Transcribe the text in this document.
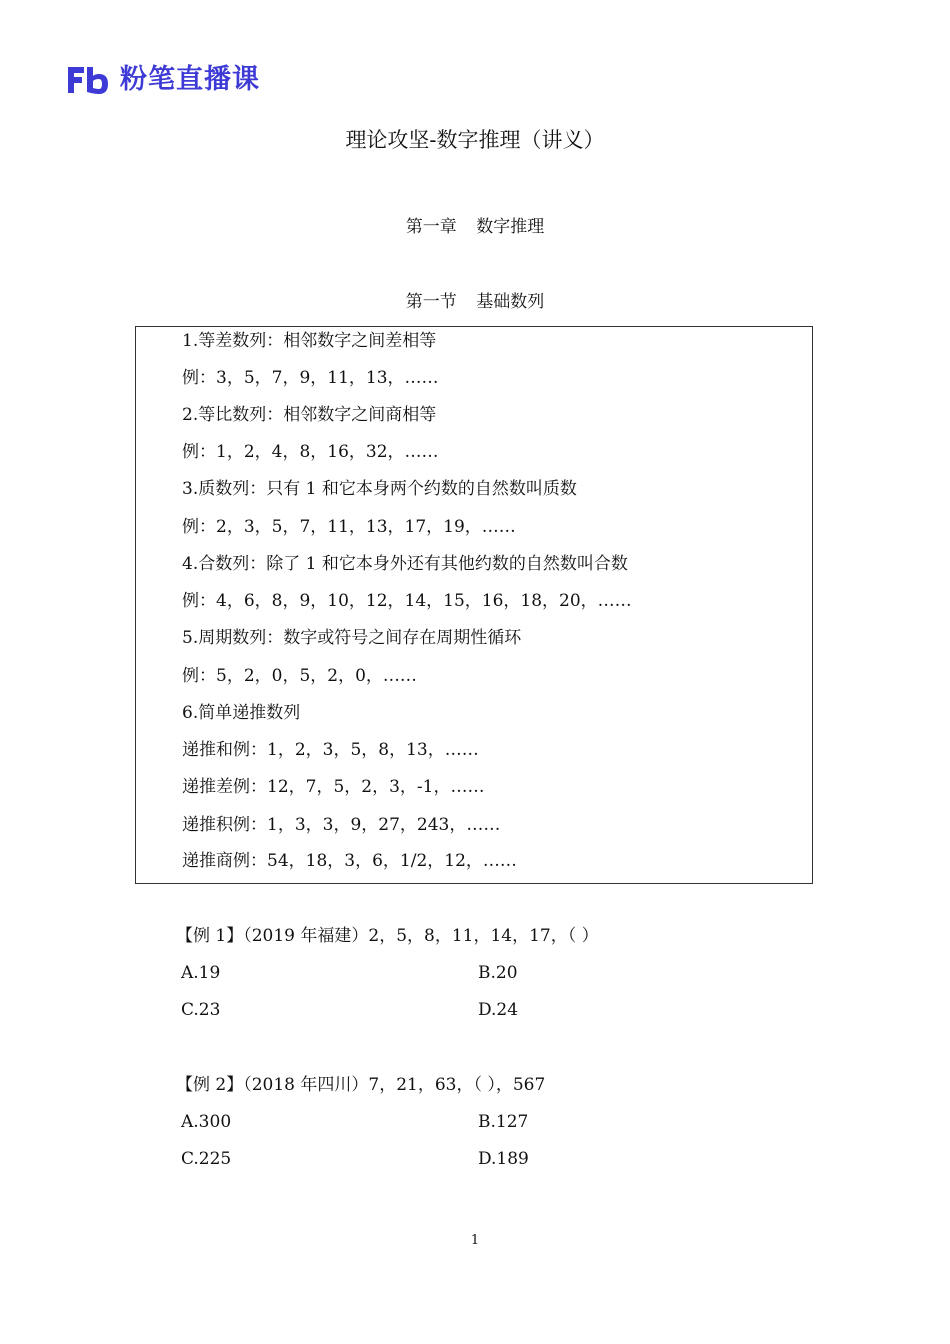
粉笔直播课
理论攻坚-数字推理（讲义）
第一章 数字推理
第一节 基础数列
1.等差数列：相邻数字之间差相等
例：3，5，7，9，11，13，……
2.等比数列：相邻数字之间商相等
例：1，2，4，8，16，32，……
3.质数列：只有 1 和它本身两个约数的自然数叫质数
例：2，3，5，7，11，13，17，19，……
4.合数列：除了 1 和它本身外还有其他约数的自然数叫合数
例：4，6，8，9，10，12，14，15，16，18，20，……
5.周期数列：数字或符号之间存在周期性循环
例：5，2，0，5，2，0，……
6.简单递推数列
递推和例：1，2，3，5，8，13，……
递推差例：12，7，5，2，3，-1，……
递推积例：1，3，3，9，27，243，……
递推商例：54，18，3，6，1/2，12，……
【例 1】（2019 年福建）2，5，8，11，14，17，（ ）
A.19	B.20
C.23	D.24
【例 2】（2018 年四川）7，21，63，（ ），567
A.300	B.127
C.225	D.189
1
